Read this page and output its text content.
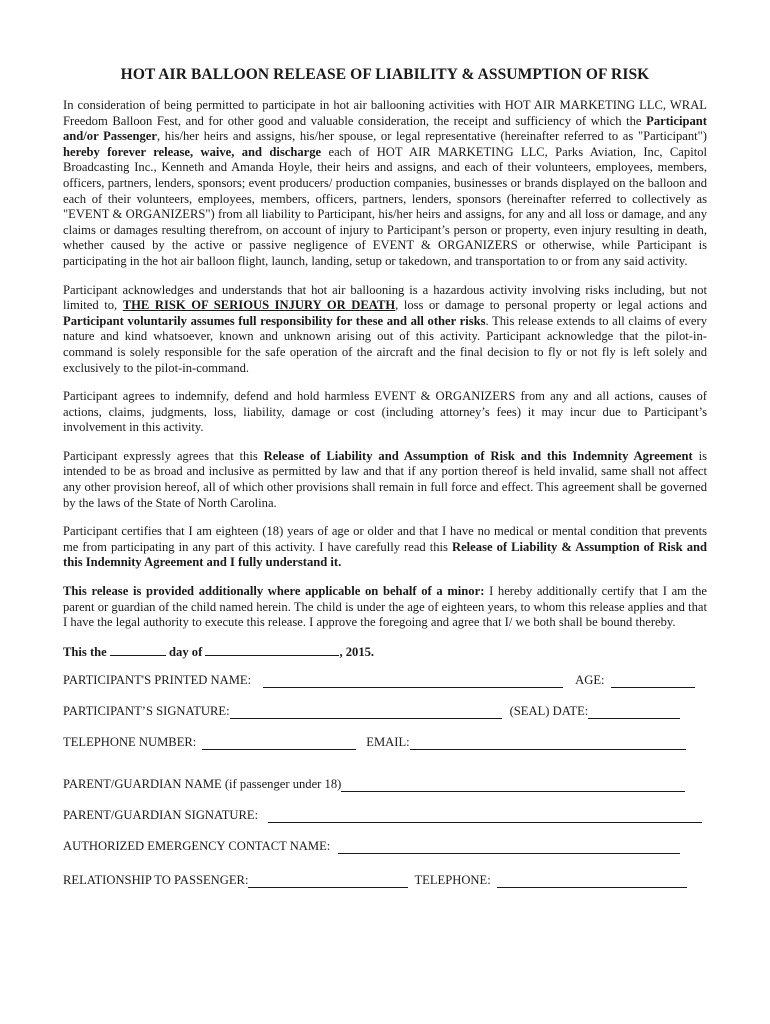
HOT AIR BALLOON RELEASE OF LIABILITY & ASSUMPTION OF RISK

In consideration of being permitted to participate in hot air ballooning activities with HOT AIR MARKETING LLC, WRAL Freedom Balloon Fest, and for other good and valuable consideration, the receipt and sufficiency of which the Participant and/or Passenger, his/her heirs and assigns, his/her spouse, or legal representative (hereinafter referred to as "Participant") hereby forever release, waive, and discharge each of HOT AIR MARKETING LLC, Parks Aviation, Inc, Capitol Broadcasting Inc., Kenneth and Amanda Hoyle, their heirs and assigns, and each of their volunteers, employees, members, officers, partners, lenders, sponsors; event producers/ production companies, businesses or brands displayed on the balloon and each of their volunteers, employees, members, officers, partners, lenders, sponsors (hereinafter referred to collectively as "EVENT & ORGANIZERS") from all liability to Participant, his/her heirs and assigns, for any and all loss or damage, and any claims or damages resulting therefrom, on account of injury to Participant’s person or property, even injury resulting in death, whether caused by the active or passive negligence of EVENT & ORGANIZERS or otherwise, while Participant is participating in the hot air balloon flight, launch, landing, setup or takedown, and transportation to or from any said activity.

Participant acknowledges and understands that hot air ballooning is a hazardous activity involving risks including, but not limited to, THE RISK OF SERIOUS INJURY OR DEATH, loss or damage to personal property or legal actions and Participant voluntarily assumes full responsibility for these and all other risks. This release extends to all claims of every nature and kind whatsoever, known and unknown arising out of this activity. Participant acknowledge that the pilot-in-command is solely responsible for the safe operation of the aircraft and the final decision to fly or not fly is left solely and exclusively to the pilot-in-command.

Participant agrees to indemnify, defend and hold harmless EVENT & ORGANIZERS from any and all actions, causes of actions, claims, judgments, loss, liability, damage or cost (including attorney’s fees) it may incur due to Participant’s involvement in this activity.

Participant expressly agrees that this Release of Liability and Assumption of Risk and this Indemnity Agreement is intended to be as broad and inclusive as permitted by law and that if any portion thereof is held invalid, same shall not affect any other provision hereof, all of which other provisions shall remain in full force and effect. This agreement shall be governed by the laws of the State of North Carolina.

Participant certifies that I am eighteen (18) years of age or older and that I have no medical or mental condition that prevents me from participating in any part of this activity. I have carefully read this Release of Liability & Assumption of Risk and this Indemnity Agreement and I fully understand it.

This release is provided additionally where applicable on behalf of a minor: I hereby additionally certify that I am the parent or guardian of the child named herein. The child is under the age of eighteen years, to whom this release applies and that I have the legal authority to execute this release. I approve the foregoing and agree that I/ we both shall be bound thereby.

This the	day of	, 2015.
PARTICIPANT'S PRINTED NAME:	AGE:
PARTICIPANT’S SIGNATURE:	(SEAL) DATE:
TELEPHONE NUMBER:	EMAIL:
PARENT/GUARDIAN NAME (if passenger under 18)
PARENT/GUARDIAN SIGNATURE:
AUTHORIZED EMERGENCY CONTACT NAME:
RELATIONSHIP TO PASSENGER:	TELEPHONE:
